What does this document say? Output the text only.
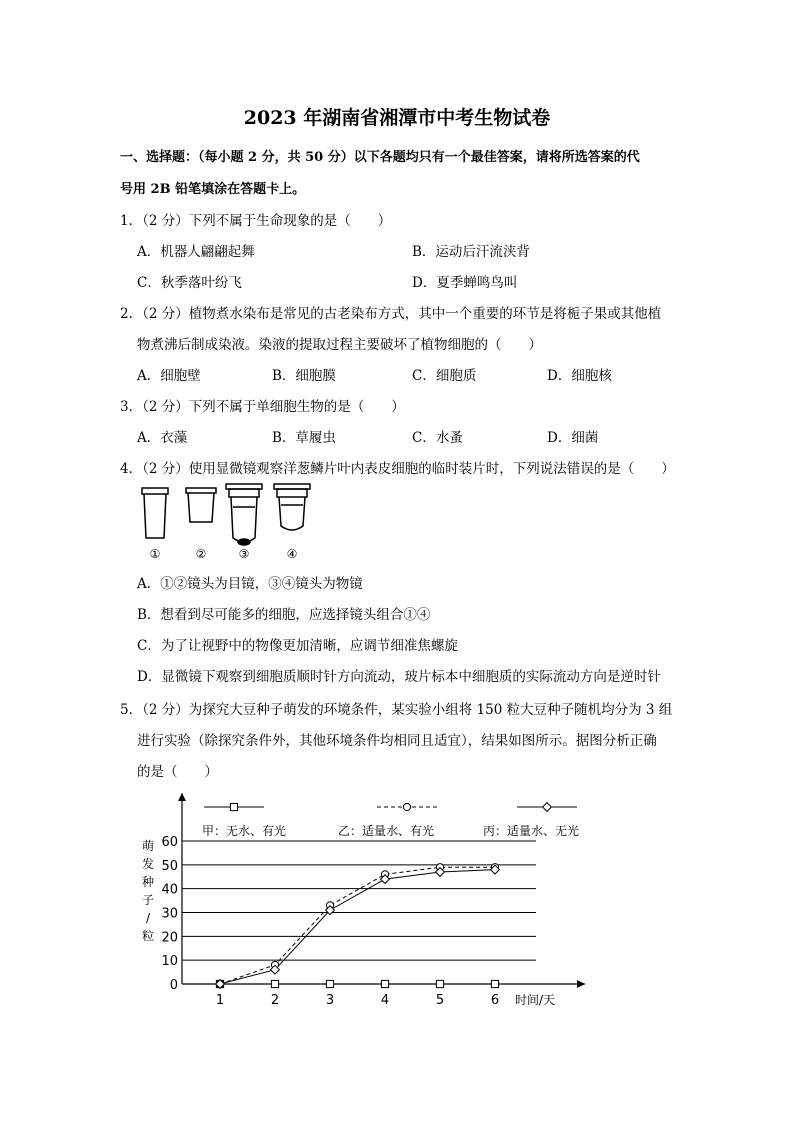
2023 年湖南省湘潭市中考生物试卷
一、选择题：（每小题 2 分，共 50 分）以下各题均只有一个最佳答案，请将所选答案的代
号用 2B 铅笔填涂在答题卡上。
1．（2 分）下列不属于生命现象的是（　　）
A．机器人翩翩起舞	B．运动后汗流浃背
C．秋季落叶纷飞	D．夏季蝉鸣鸟叫
2．（2 分）植物煮水染布是常见的古老染布方式，其中一个重要的环节是将栀子果或其他植
物煮沸后制成染液。染液的提取过程主要破坏了植物细胞的（　　）
A．细胞壁	B．细胞膜	C．细胞质	D．细胞核
3．（2 分）下列不属于单细胞生物的是（　　）
A．衣藻	B．草履虫	C．水蚤	D．细菌
4．（2 分）使用显微镜观察洋葱鳞片叶内表皮细胞的临时装片时，下列说法错误的是（　　）
①	②	③	④
A．①②镜头为目镜，③④镜头为物镜
B．想看到尽可能多的细胞，应选择镜头组合①④
C．为了让视野中的物像更加清晰，应调节细准焦螺旋
D．显微镜下观察到细胞质顺时针方向流动，玻片标本中细胞质的实际流动方向是逆时针
5．（2 分）为探究大豆种子萌发的环境条件，某实验小组将 150 粒大豆种子随机均分为 3 组
进行实验（除探究条件外，其他环境条件均相同且适宜），结果如图所示。据图分析正确
的是（　　）
0
10
20
30
40
50
60
1	2	3	4	5	6 时间/天
萌
发
种
子
/
粒
甲：无水、有光	乙：适量水、有光	丙：适量水、无光
